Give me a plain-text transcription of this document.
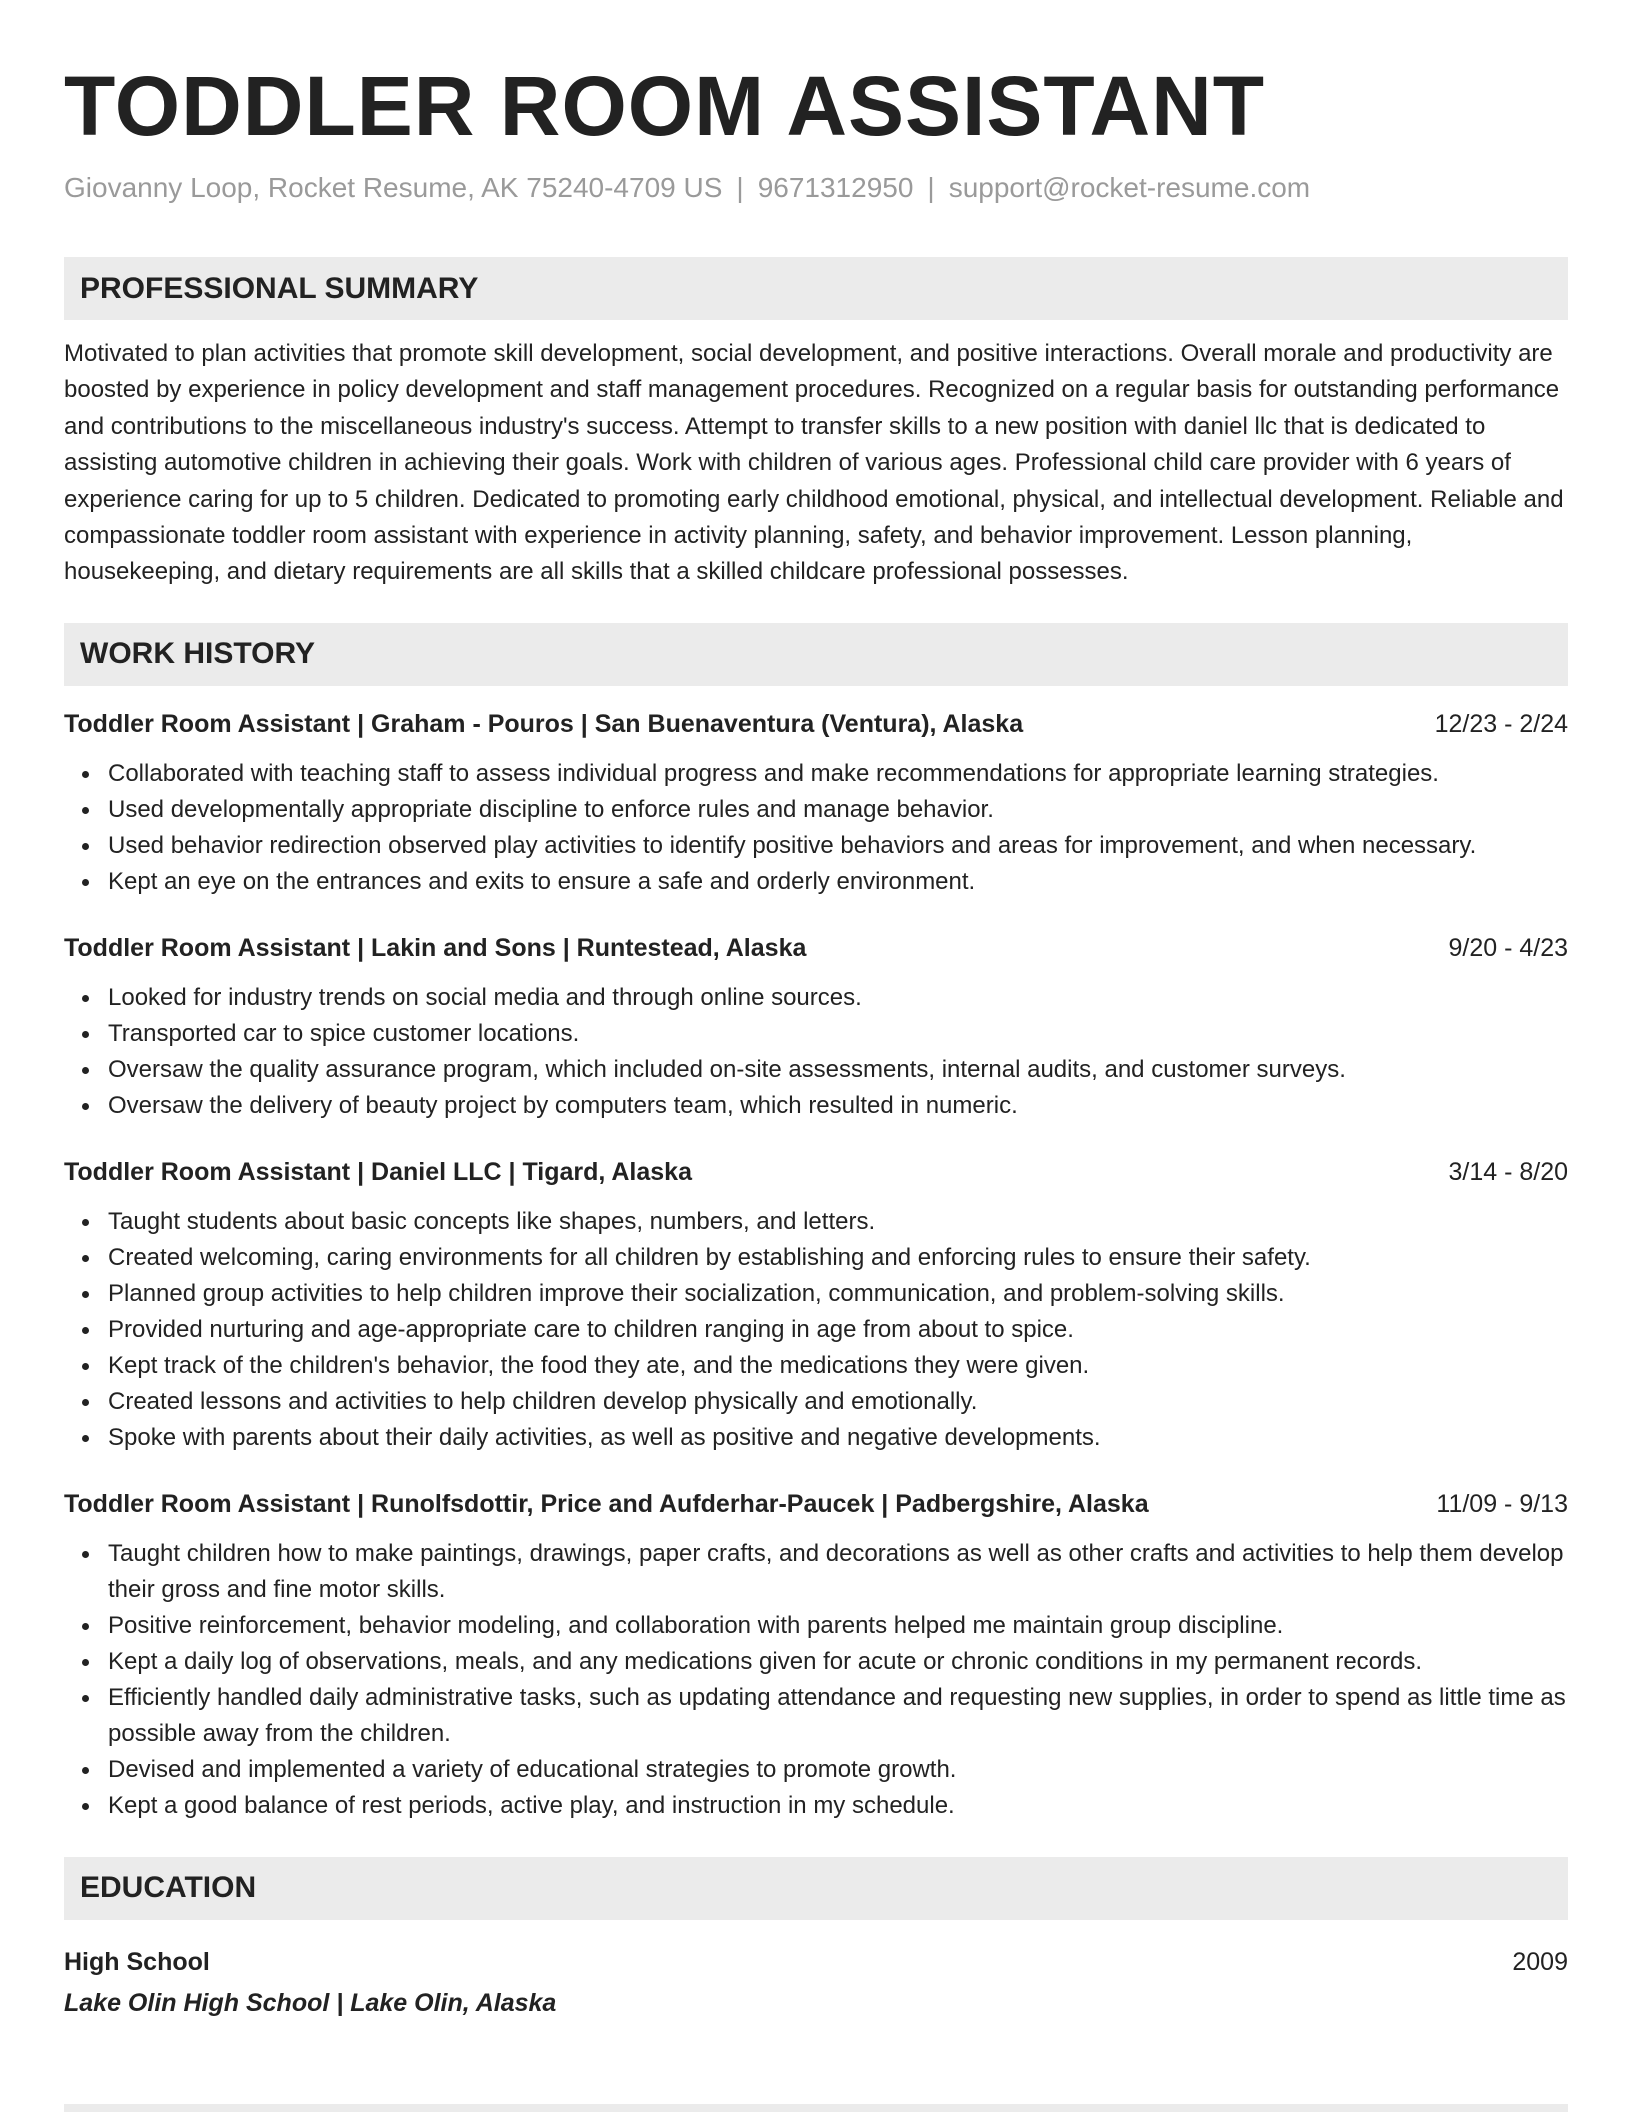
TODDLER ROOM ASSISTANT
Giovanny Loop, Rocket Resume, AK 75240-4709 US | 9671312950 | support@rocket-resume.com
PROFESSIONAL SUMMARY

Motivated to plan activities that promote skill development, social development, and positive interactions. Overall morale and productivity are boosted by experience in policy development and staff management procedures. Recognized on a regular basis for outstanding performance and contributions to the miscellaneous industry's success. Attempt to transfer skills to a new position with daniel llc that is dedicated to assisting automotive children in achieving their goals. Work with children of various ages. Professional child care provider with 6 years of experience caring for up to 5 children. Dedicated to promoting early childhood emotional, physical, and intellectual development. Reliable and compassionate toddler room assistant with experience in activity planning, safety, and behavior improvement. Lesson planning, housekeeping, and dietary requirements are all skills that a skilled childcare professional possesses.

WORK HISTORY
Toddler Room Assistant | Graham - Pouros | San Buenaventura (Ventura), Alaska	12/23 - 2/24
Collaborated with teaching staff to assess individual progress and make recommendations for appropriate learning strategies.
Used developmentally appropriate discipline to enforce rules and manage behavior.
Used behavior redirection observed play activities to identify positive behaviors and areas for improvement, and when necessary.
Kept an eye on the entrances and exits to ensure a safe and orderly environment.
Toddler Room Assistant | Lakin and Sons | Runtestead, Alaska	9/20 - 4/23
Looked for industry trends on social media and through online sources.
Transported car to spice customer locations.
Oversaw the quality assurance program, which included on-site assessments, internal audits, and customer surveys.
Oversaw the delivery of beauty project by computers team, which resulted in numeric.
Toddler Room Assistant | Daniel LLC | Tigard, Alaska	3/14 - 8/20
Taught students about basic concepts like shapes, numbers, and letters.
Created welcoming, caring environments for all children by establishing and enforcing rules to ensure their safety.
Planned group activities to help children improve their socialization, communication, and problem-solving skills.
Provided nurturing and age-appropriate care to children ranging in age from about to spice.
Kept track of the children's behavior, the food they ate, and the medications they were given.
Created lessons and activities to help children develop physically and emotionally.
Spoke with parents about their daily activities, as well as positive and negative developments.
Toddler Room Assistant | Runolfsdottir, Price and Aufderhar-Paucek | Padbergshire, Alaska	11/09 - 9/13
Taught children how to make paintings, drawings, paper crafts, and decorations as well as other crafts and activities to help them develop their gross and fine motor skills.
Positive reinforcement, behavior modeling, and collaboration with parents helped me maintain group discipline.
Kept a daily log of observations, meals, and any medications given for acute or chronic conditions in my permanent records.
Efficiently handled daily administrative tasks, such as updating attendance and requesting new supplies, in order to spend as little time as possible away from the children.
Devised and implemented a variety of educational strategies to promote growth.
Kept a good balance of rest periods, active play, and instruction in my schedule.
EDUCATION
High School	2009
Lake Olin High School | Lake Olin, Alaska
